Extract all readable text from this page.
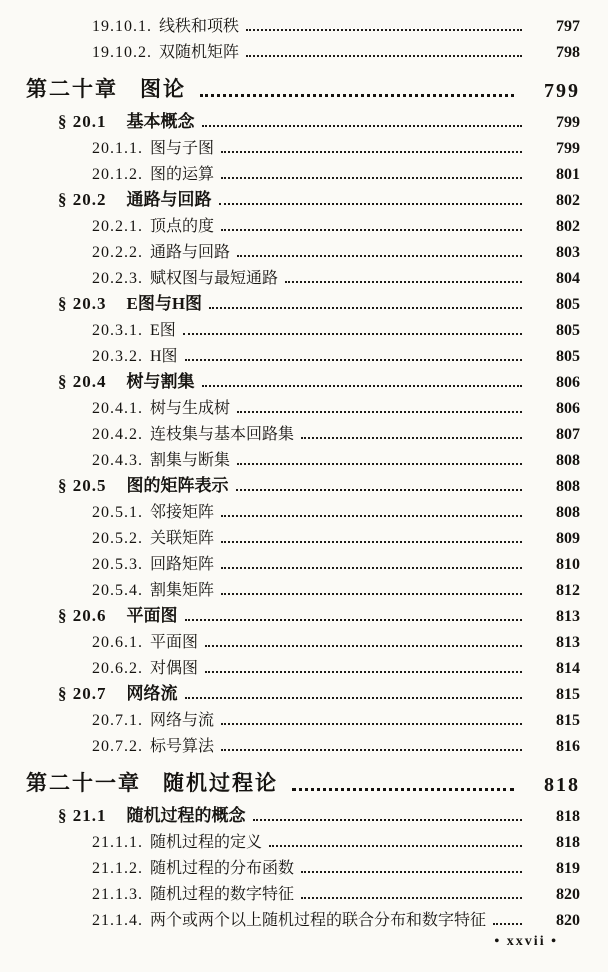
19.10.1. 线秩和项秩	797
19.10.2. 双随机矩阵	798
第二十章 图论	799
§ 20.1 基本概念	799
20.1.1. 图与子图	799
20.1.2. 图的运算	801
§ 20.2 通路与回路	802
20.2.1. 顶点的度	802
20.2.2. 通路与回路	803
20.2.3. 赋权图与最短通路	804
§ 20.3 E图与H图	805
20.3.1. E图	805
20.3.2. H图	805
§ 20.4 树与割集	806
20.4.1. 树与生成树	806
20.4.2. 连枝集与基本回路集	807
20.4.3. 割集与断集	808
§ 20.5 图的矩阵表示	808
20.5.1. 邻接矩阵	808
20.5.2. 关联矩阵	809
20.5.3. 回路矩阵	810
20.5.4. 割集矩阵	812
§ 20.6 平面图	813
20.6.1. 平面图	813
20.6.2. 对偶图	814
§ 20.7 网络流	815
20.7.1. 网络与流	815
20.7.2. 标号算法	816
第二十一章 随机过程论	818
§ 21.1 随机过程的概念	818
21.1.1. 随机过程的定义	818
21.1.2. 随机过程的分布函数	819
21.1.3. 随机过程的数字特征	820
21.1.4. 两个或两个以上随机过程的联合分布和数字特征	820
• xxvii •
